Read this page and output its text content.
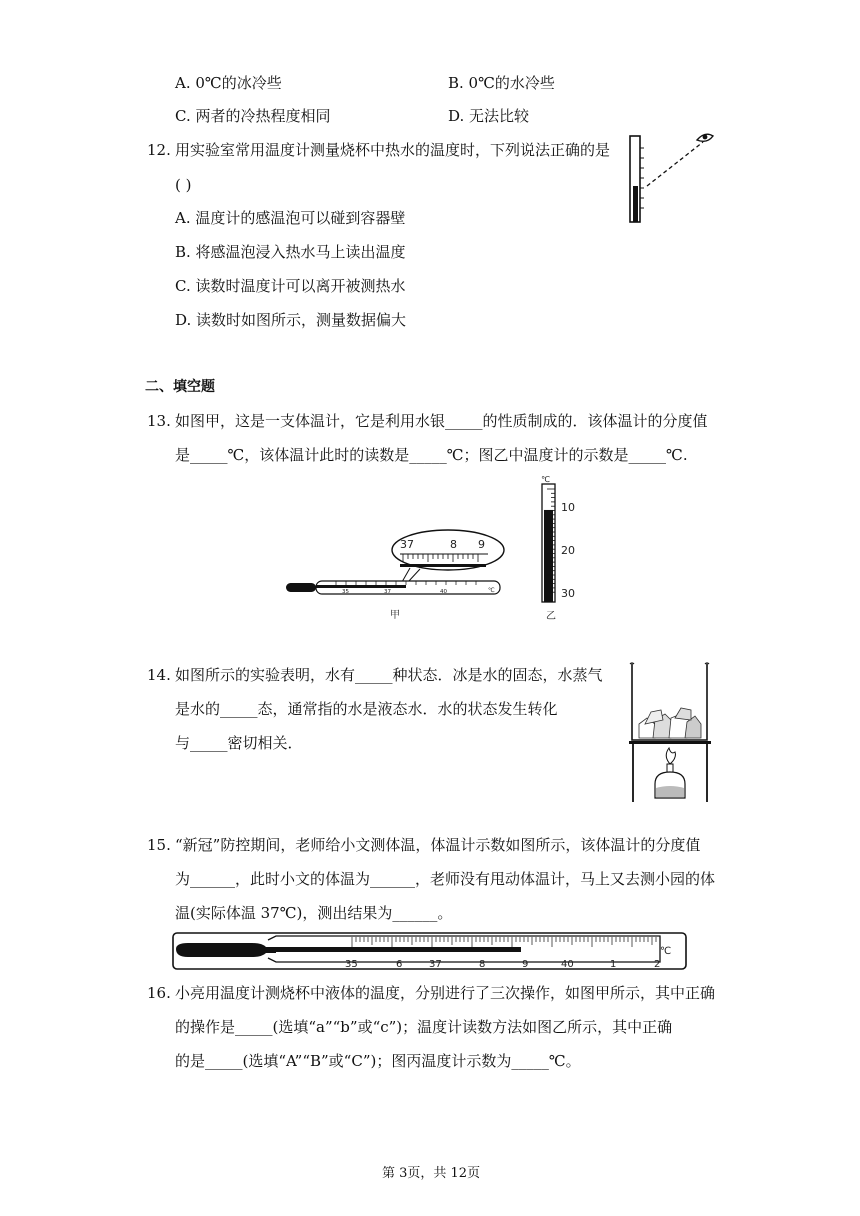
A. 0℃的冰冷些	B. 0℃的水冷些
C. 两者的冷热程度相同	D. 无法比较
12. 用实验室常用温度计测量烧杯中热水的温度时，下列说法正确的是
( )
A. 温度计的感温泡可以碰到容器壁
B. 将感温泡浸入热水马上读出温度
C. 读数时温度计可以离开被测热水
D. 读数时如图所示，测量数据偏大
二、填空题
13. 如图甲，这是一支体温计，它是利用水银_____的性质制成的．该体温计的分度值
是_____℃，该体温计此时的读数是_____℃；图乙中温度计的示数是_____℃.
37	8 9
35	37	40	℃
甲
℃
10
20
30
乙
14. 如图所示的实验表明，水有_____种状态．冰是水的固态，水蒸气
是水的_____态，通常指的水是液态水．水的状态发生转化
与_____密切相关．
15. “新冠”防控期间，老师给小文测体温，体温计示数如图所示，该体温计的分度值
为______，此时小文的体温为______，老师没有甩动体温计，马上又去测小园的体
温(实际体温 37℃)，测出结果为______。
℃
35	6	37	8	9	40	1	2
16. 小亮用温度计测烧杯中液体的温度，分别进行了三次操作，如图甲所示，其中正确
的操作是_____(选填“a”“b”或“c”)；温度计读数方法如图乙所示，其中正确
的是_____(选填“A”“B”或“C”)；图丙温度计示数为_____℃。
第 3页，共 12页
